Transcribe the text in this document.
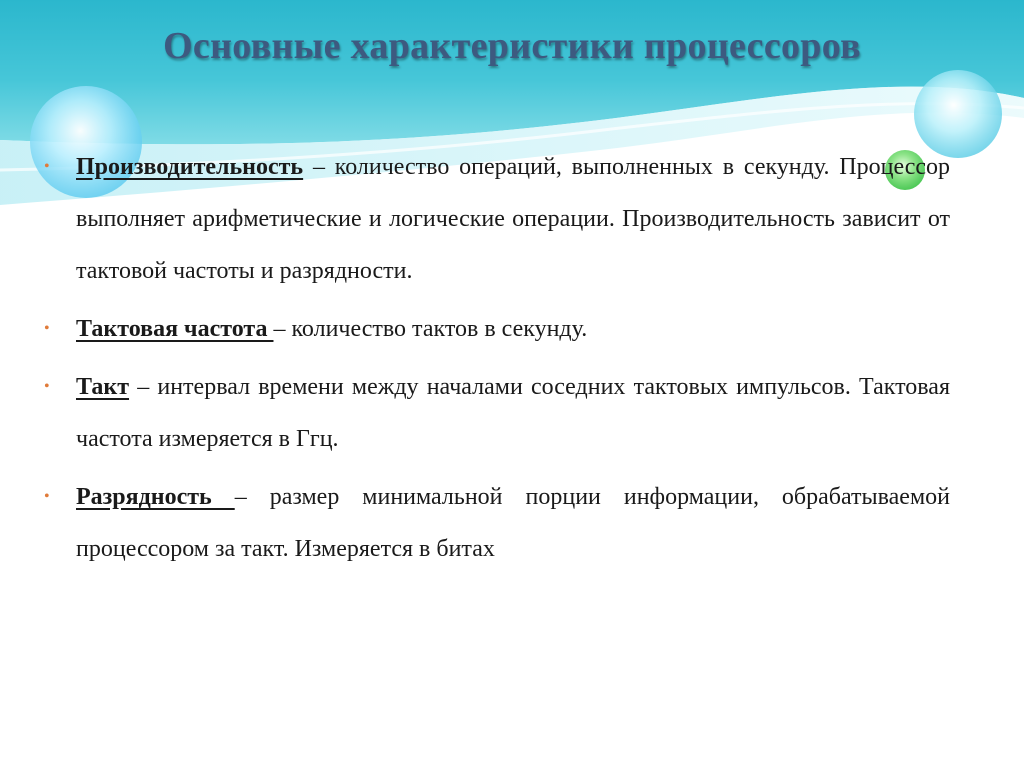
Основные характеристики процессоров
• Производительность – количество операций, выполненных в секунду. Процессор выполняет арифметические и логические операции. Производительность зависит от тактовой частоты и разрядности.
• Тактовая частота – количество тактов в секунду.
• Такт – интервал времени между началами соседних тактовых импульсов. Тактовая частота измеряется в Ггц.
• Разрядность – размер минимальной порции информации, обрабатываемой процессором за такт. Измеряется в битах
